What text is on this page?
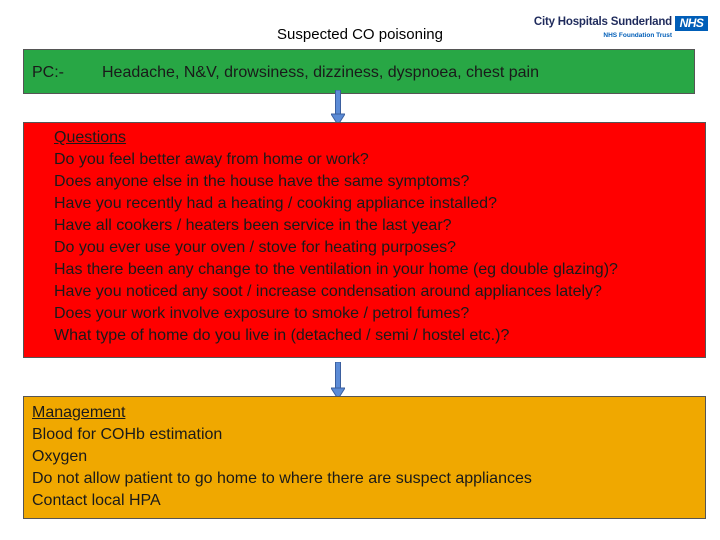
Suspected CO poisoning
City Hospitals Sunderland
NHS Foundation Trust
NHS
PC:- Headache, N&V, drowsiness, dizziness, dyspnoea, chest pain
Questions
Do you feel better away from home or work?
Does anyone else in the house have the same symptoms?
Have you recently had a heating / cooking appliance installed?
Have all cookers / heaters been service in the last year?
Do you ever use your oven / stove for heating purposes?
Has there been any change to the ventilation in your home (eg double glazing)?
Have you noticed any soot / increase condensation around appliances lately?
Does your work involve exposure to smoke / petrol fumes?
What type of home do you live in (detached / semi / hostel etc.)?
Management
Blood for COHb estimation
Oxygen
Do not allow patient to go home to where there are suspect appliances
Contact local HPA
